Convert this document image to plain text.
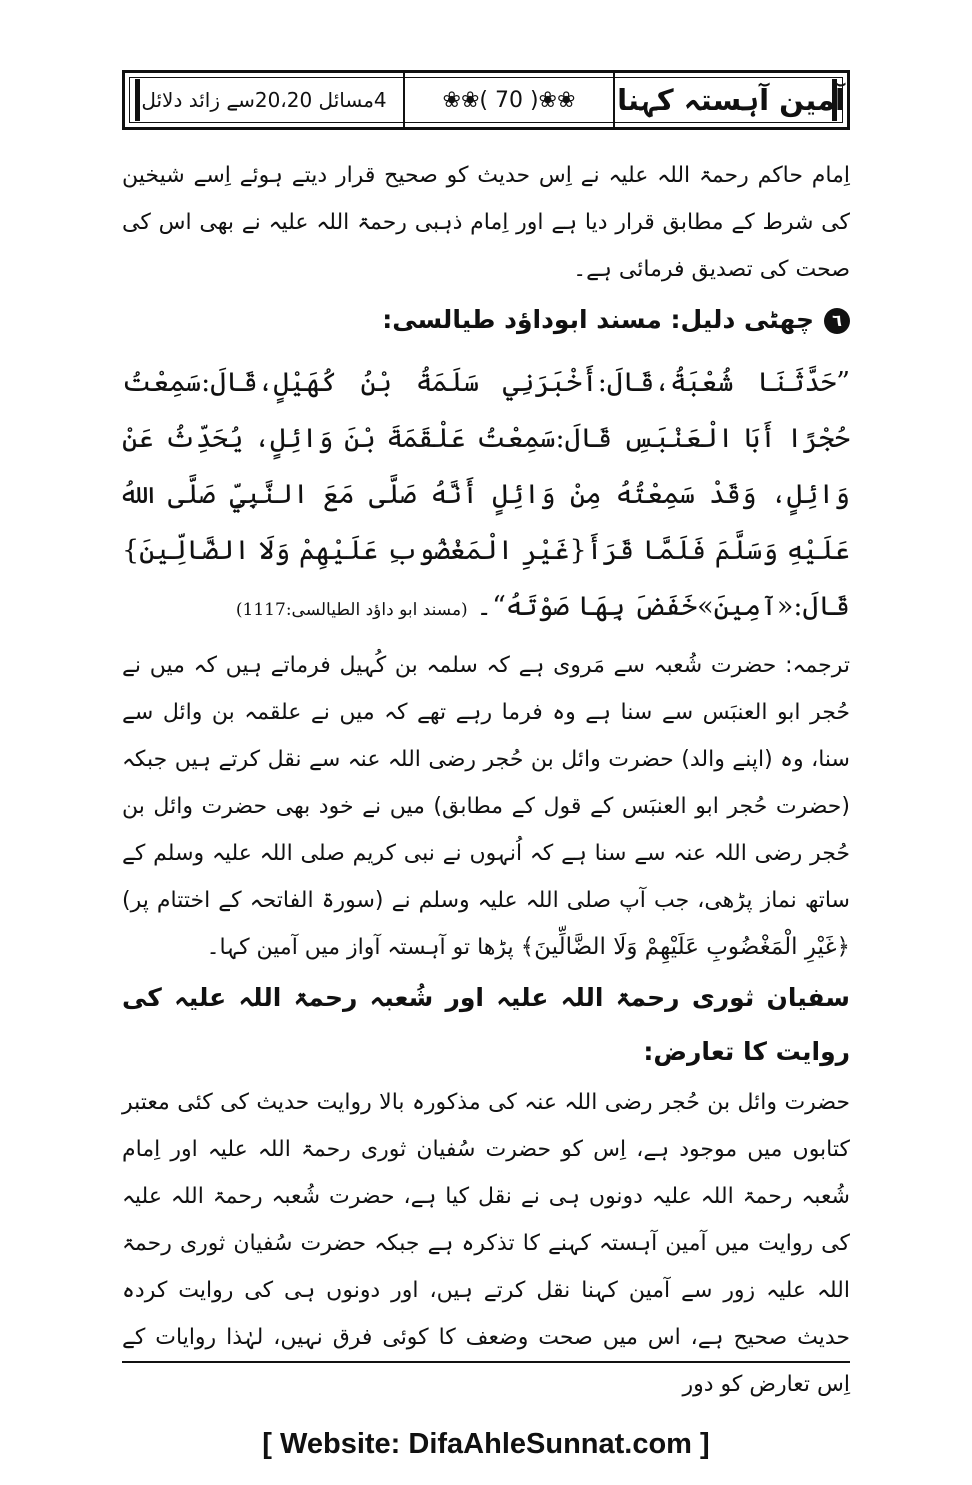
آمین آہستہ کہنا
❀❀( 70 )❀❀
4مسائل 20،20سے زائد دلائل

اِمام حاکم رحمۃ اللہ علیہ نے اِس حدیث کو صحیح قرار دیتے ہوئے اِسے شیخین کی شرط کے مطابق قرار دیا ہے اور اِمام ذہبی رحمۃ اللہ علیہ نے بھی اس کی صحت کی تصدیق فرمائی ہے۔

٦چھٹی دلیل: مسند ابوداؤد طیالسی:

”حَدَّثَنَا شُعْبَةُ،قَالَ:أَخْبَرَنِي سَلَمَةُ بْنُ كُهَيْلٍ،قَالَ:سَمِعْتُ حُجْرًا أَبَا الْعَنْبَسِ قَالَ:سَمِعْتُ عَلْقَمَةَ بْنَ وَائِلٍ، يُحَدِّثُ عَنْ وَائِلٍ، وَقَدْ سَمِعْتُهُ مِنْ وَائِلٍ أَنَّهُ صَلَّى مَعَ النَّبِيِّ صَلَّى اللهُ عَلَيْهِ وَسَلَّمَ فَلَمَّا قَرَأَ{غَيْرِ الْمَغْضُوبِ عَلَيْهِمْ وَلَا الضَّالِّينَ}قَالَ:«آمِينَ»خَفَضَ بِهَا صَوْتَهُ“۔ (مسند ابو داؤد الطیالسی:1117)

ترجمہ: حضرت شُعبہ سے مَروی ہے کہ سلمہ بن کُہیل فرماتے ہیں کہ میں نے حُجر ابو العنبَس سے سنا ہے وہ فرما رہے تھے کہ میں نے علقمہ بن وائل سے سنا، وہ (اپنے والد) حضرت وائل بن حُجر رضی اللہ عنہ سے نقل کرتے ہیں جبکہ (حضرت حُجر ابو العنبَس کے قول کے مطابق) میں نے خود بھی حضرت وائل بن حُجر رضی اللہ عنہ سے سنا ہے کہ اُنہوں نے نبی کریم صلی اللہ علیہ وسلم کے ساتھ نماز پڑھی، جب آپ صلی اللہ علیہ وسلم نے (سورۃ الفاتحہ کے اختتام پر) ﴿غَيْرِ الْمَغْضُوبِ عَلَيْهِمْ وَلَا الضَّالِّينَ﴾ پڑھا تو آہستہ آواز میں آمین کہا۔

سفیان ثوری رحمۃ اللہ علیہ اور شُعبہ رحمۃ اللہ علیہ کی روایت کا تعارض:

حضرت وائل بن حُجر رضی اللہ عنہ کی مذکورہ بالا روایت حدیث کی کئی معتبر کتابوں میں موجود ہے، اِس کو حضرت سُفیان ثوری رحمۃ اللہ علیہ اور اِمام شُعبہ رحمۃ اللہ علیہ دونوں ہی نے نقل کیا ہے، حضرت شُعبہ رحمۃ اللہ علیہ کی روایت میں آمین آہستہ کہنے کا تذکرہ ہے جبکہ حضرت سُفیان ثوری رحمۃ اللہ علیہ زور سے آمین کہنا نقل کرتے ہیں، اور دونوں ہی کی روایت کردہ حدیث صحیح ہے، اس میں صحت وضعف کا کوئی فرق نہیں، لہٰذا روایات کے اِس تعارض کو دور

[ Website: DifaAhleSunnat.com ]
